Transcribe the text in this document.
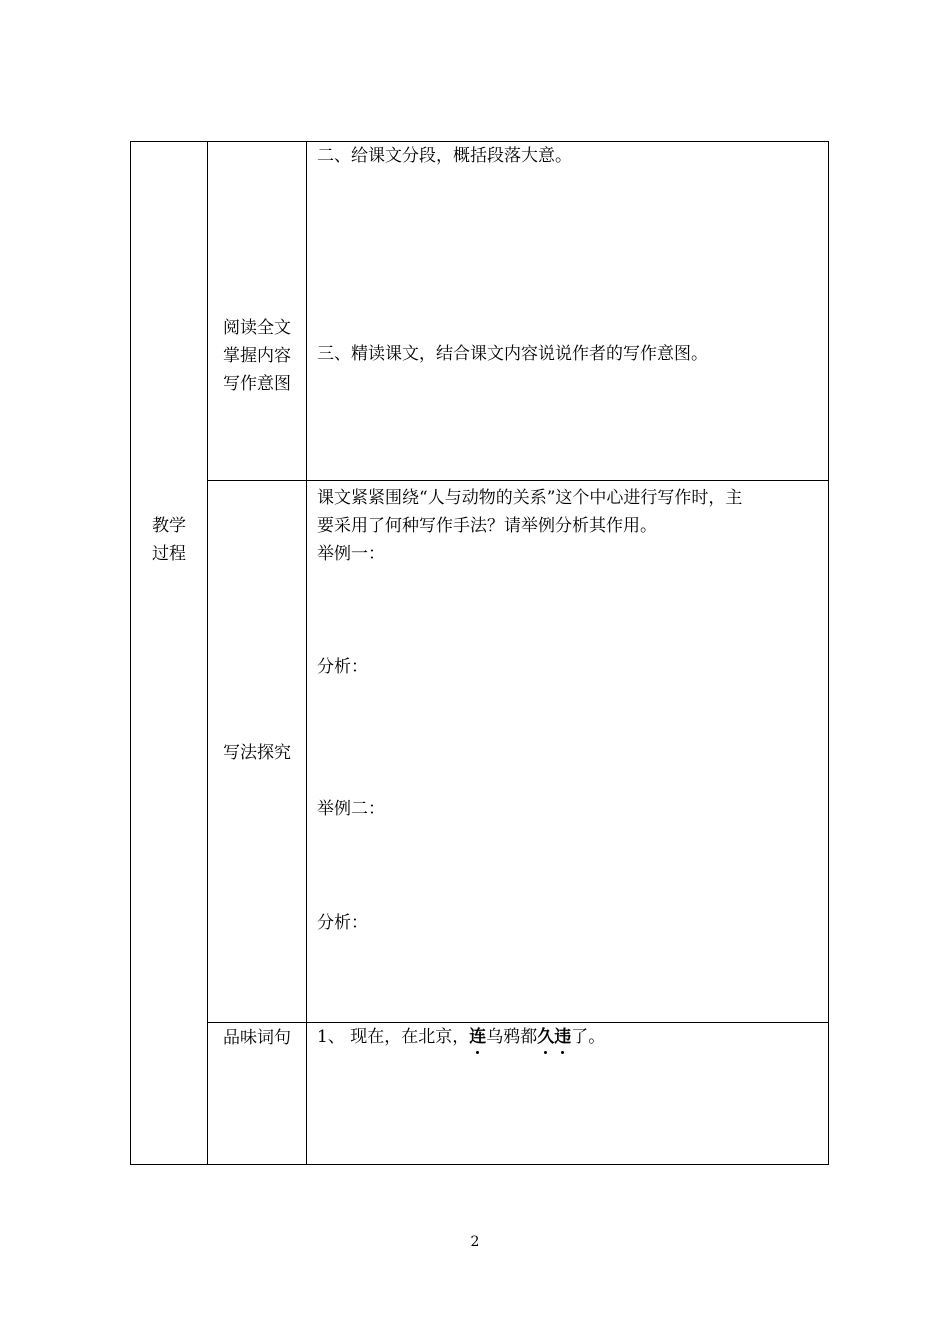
教学
过程
阅读全文
掌握内容
写作意图
二、给课文分段，概括段落大意。
三、精读课文，结合课文内容说说作者的写作意图。
写法探究
课文紧紧围绕“人与动物的关系”这个中心进行写作时，主
要采用了何种写作手法？请举例分析其作用。
举例一：
分析：
举例二：
分析：
品味词句	1、 现在，在北京，连
乌鸦都久
违
了。
2
